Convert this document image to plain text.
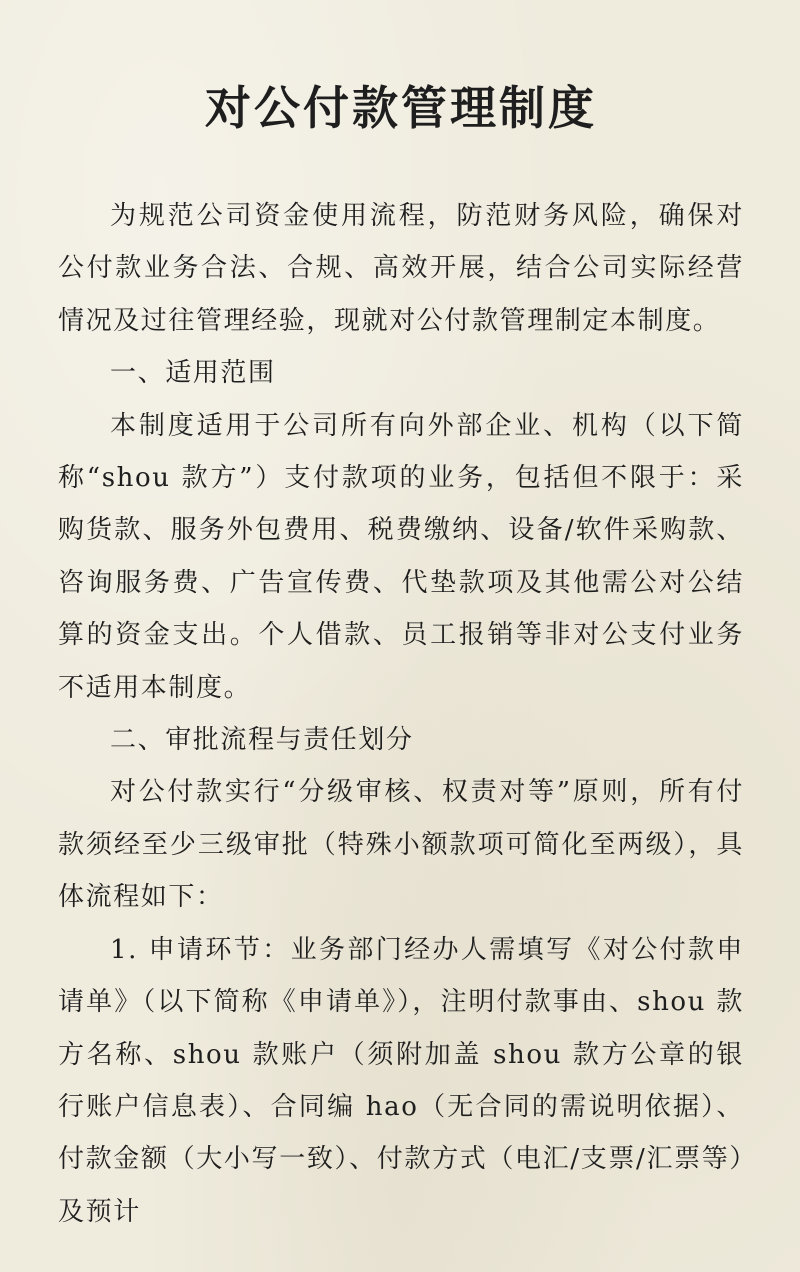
对公付款管理制度

为规范公司资金使用流程，防范财务风险，确保对公付款业务合法、合规、高效开展，结合公司实际经营情况及过往管理经验，现就对公付款管理制定本制度。

一、适用范围

本制度适用于公司所有向外部企业、机构（以下简称“shou 款方”）支付款项的业务，包括但不限于：采购货款、服务外包费用、税费缴纳、设备/软件采购款、咨询服务费、广告宣传费、代垫款项及其他需公对公结算的资金支出。个人借款、员工报销等非对公支付业务不适用本制度。

二、审批流程与责任划分

对公付款实行“分级审核、权责对等”原则，所有付款须经至少三级审批（特殊小额款项可简化至两级），具体流程如下：

1. 申请环节：业务部门经办人需填写《对公付款申请单》（以下简称《申请单》），注明付款事由、shou 款方名称、shou 款账户（须附加盖 shou 款方公章的银行账户信息表）、合同编 hao（无合同的需说明依据）、付款金额（大小写一致）、付款方式（电汇/支票/汇票等）及预计
